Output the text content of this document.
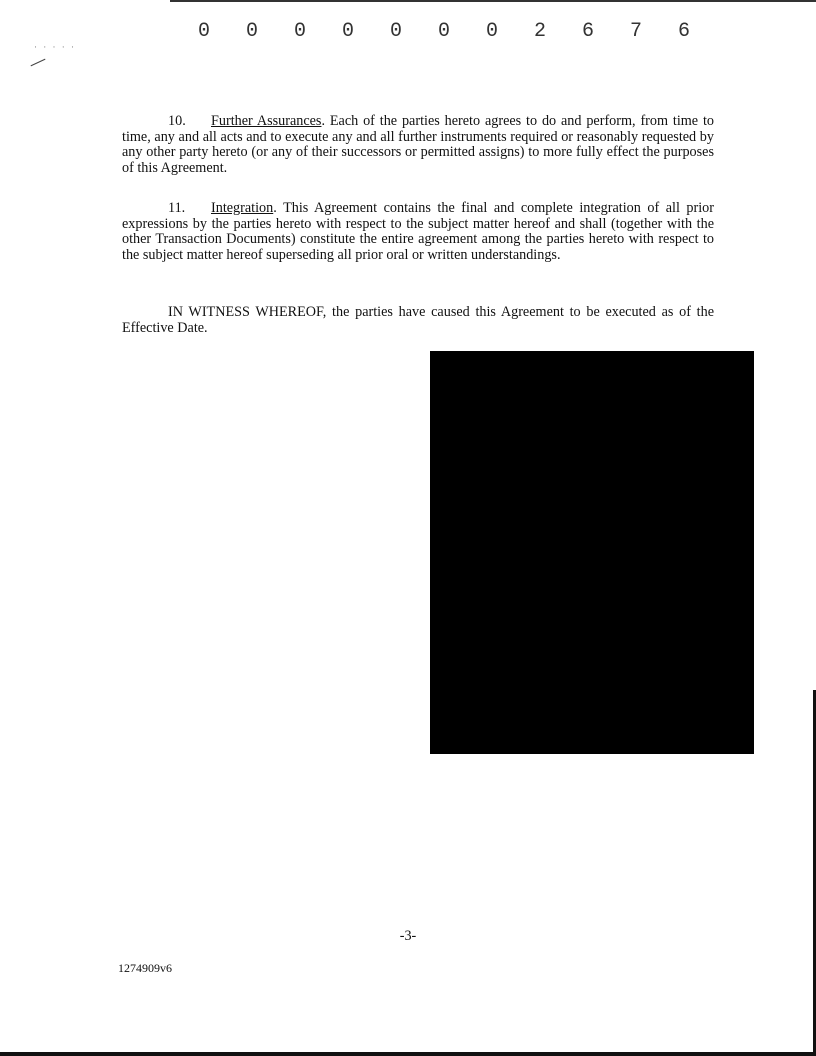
· · · · ·
0 0 0 0 0 0 0 2 6 7 6

10. Further Assurances. Each of the parties hereto agrees to do and perform, from time to time, any and all acts and to execute any and all further instruments required or reasonably requested by any other party hereto (or any of their successors or permitted assigns) to more fully effect the purposes of this Agreement.

11. Integration. This Agreement contains the final and complete integration of all prior expressions by the parties hereto with respect to the subject matter hereof and shall (together with the other Transaction Documents) constitute the entire agreement among the parties hereto with respect to the subject matter hereof superseding all prior oral or written understandings.

IN WITNESS WHEREOF, the parties have caused this Agreement to be executed as of the Effective Date.

-3-
1274909v6
